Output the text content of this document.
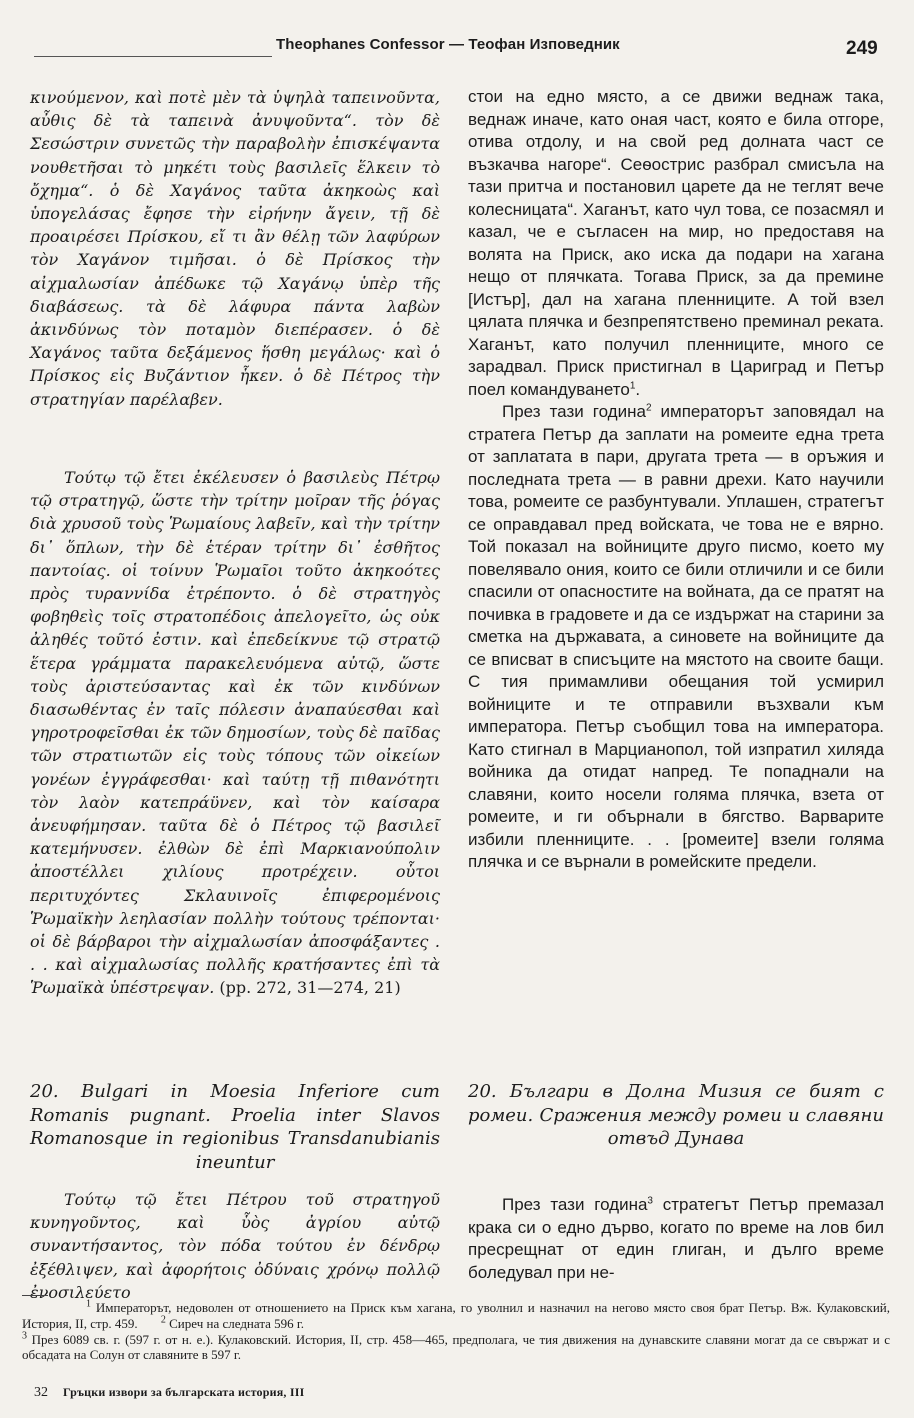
Theophanes Confessor — Теофан Изповедник	249

κινούμενον, καὶ ποτὲ μὲν τὰ ὑψηλὰ ταπεινοῦντα, αὖθις δὲ τὰ ταπεινὰ ἀνυψοῦντα“. τὸν δὲ Σεσώστριν συνετῶς τὴν παραβολὴν ἐπισκέψαντα νουθετῆσαι τὸ μηκέτι τοὺς βασιλεῖς ἕλκειν τὸ ὄχημα“. ὁ δὲ Χαγάνος ταῦτα ἀκηκοὼς καὶ ὑπογελάσας ἔφησε τὴν εἰρήνην ἄγειν, τῇ δὲ προαιρέσει Πρίσκου, εἴ τι ἂν θέλῃ τῶν λαφύρων τὸν Χαγάνον τιμῆσαι. ὁ δὲ Πρίσκος τὴν αἰχμαλωσίαν ἀπέδωκε τῷ Χαγάνῳ ὑπὲρ τῆς διαβάσεως. τὰ δὲ λάφυρα πάντα λαβὼν ἀκινδύνως τὸν ποταμὸν διεπέρασεν. ὁ δὲ Χαγάνος ταῦτα δεξάμενος ἥσθη μεγάλως· καὶ ὁ Πρίσκος εἰς Βυζάντιον ἧκεν. ὁ δὲ Πέτρος τὴν στρατηγίαν παρέλαβεν.

Τούτῳ τῷ ἔτει ἐκέλευσεν ὁ βασιλεὺς Πέτρῳ τῷ στρατηγῷ, ὥστε τὴν τρίτην μοῖραν τῆς ῥόγας διὰ χρυσοῦ τοὺς Ῥωμαίους λαβεῖν, καὶ τὴν τρίτην δι᾽ ὅπλων, τὴν δὲ ἑτέραν τρίτην δι᾽ ἐσθῆτος παντοίας. οἱ τοίνυν Ῥωμαῖοι τοῦτο ἀκηκοότες πρὸς τυραννίδα ἐτρέποντο. ὁ δὲ στρατηγὸς φοβηθεὶς τοῖς στρατοπέδοις ἀπελογεῖτο, ὡς οὐκ ἀληθές τοῦτό ἐστιν. καὶ ἐπεδείκνυε τῷ στρατῷ ἕτερα γράμματα παρακελευόμενα αὐτῷ, ὥστε τοὺς ἀριστεύσαντας καὶ ἐκ τῶν κινδύνων διασωθέντας ἐν ταῖς πόλεσιν ἀναπαύεσθαι καὶ γηροτροφεῖσθαι ἐκ τῶν δημοσίων, τοὺς δὲ παῖδας τῶν στρατιωτῶν εἰς τοὺς τόπους τῶν οἰκείων γονέων ἐγγράφεσθαι· καὶ ταύτῃ τῇ πιθανότητι τὸν λαὸν κατεπράϋνεν, καὶ τὸν καίσαρα ἀνευφήμησαν. ταῦτα δὲ ὁ Πέτρος τῷ βασιλεῖ κατεμήνυσεν. ἐλθὼν δὲ ἐπὶ Μαρκιανούπολιν ἀποστέλλει χιλίους προτρέχειν. οὗτοι περιτυχόντες Σκλαυινοῖς ἐπιφερομένοις Ῥωμαϊκὴν λεηλασίαν πολλὴν τούτους τρέπονται· οἱ δὲ βάρβαροι τὴν αἰχμαλωσίαν ἀποσφάξαντες . . . καὶ αἰχμαλωσίας πολλῆς κρατήσαντες ἐπὶ τὰ Ῥωμαϊκὰ ὑπέστρεψαν. (pp. 272, 31—274, 21)

20. Bulgari in Moesia Inferiore cum Romanis pugnant. Proelia inter Slavos Romanosque in regionibus Transdanubianis ineuntur

Τούτῳ τῷ ἔτει Πέτρου τοῦ στρατηγοῦ κυνηγοῦντος, καὶ ὗὸς ἀγρίου αὐτῷ συναντήσαντος, τὸν πόδα τούτου ἐν δένδρῳ ἐξέθλιψεν, καὶ ἀφορήτοις ὀδύναις χρόνῳ πολλῷ ἐνοσιλεύετο

стои на едно място, а се движи веднаж така, веднаж иначе, като оная част, която е била отгоре, отива отдолу, и на свой ред долната част се възкачва нагоре“. Сеѳострис разбрал смисъла на тази притча и постановил царете да не теглят вече колесницата“. Хаганът, като чул това, се позасмял и казал, че е съгласен на мир, но предоставя на волята на Приск, ако иска да подари на хагана нещо от плячката. Тогава Приск, за да премине [Истър], дал на хагана пленниците. А той взел цялата плячка и безпрепятствено преминал реката. Хаганът, като получил пленниците, много се зарадвал. Приск пристигнал в Цариград и Петър поел командуването$^1$.

През тази година$^2$ императорът заповядал на стратега Петър да заплати на ромеите една трета от заплатата в пари, другата трета — в оръжия и последната трета — в равни дрехи. Като научили това, ромеите се разбунтували. Уплашен, стратегът се оправдавал пред войската, че това не е вярно. Той показал на войниците друго писмо, което му повелявало ония, които се били отличили и се били спасили от опасностите на войната, да се пратят на почивка в градовете и да се издържат на старини за сметка на държавата, а синовете на войниците да се вписват в списъците на мястото на своите бащи. С тия примамливи обещания той усмирил войниците и те отправили възхвали към императора. Петър съобщил това на императора. Като стигнал в Марцианопол, той изпратил хиляда войника да отидат напред. Те попаднали на славяни, които носели голяма плячка, взета от ромеите, и ги обърнали в бягство. Варварите избили пленниците. . . [ромеите] взели голяма плячка и се върнали в ромейските предели.

20. Българи в Долна Мизия се бият с ромеи. Сражения между ромеи и славяни отвъд Дунава

През тази година$^3$ стратегът Петър премазал крака си о едно дърво, когато по време на лов бил пресрещнат от един глиган, и дълго време боледувал при не-

$^1$ Императорът, недоволен от отношението на Приск към хагана, го уволнил и назначил на негово място своя брат Петър. Вж. Кулаковский, История, II, стр. 459. $^2$ Сиреч на следната 596 г.
$^3$ През 6089 св. г. (597 г. от н. е.). Кулаковский. История, II, стр. 458—465, предполага, че тия движения на дунавските славяни могат да се свържат и с обсадата на Солун от славяните в 597 г.
32 Гръцки извори за българската история, III
